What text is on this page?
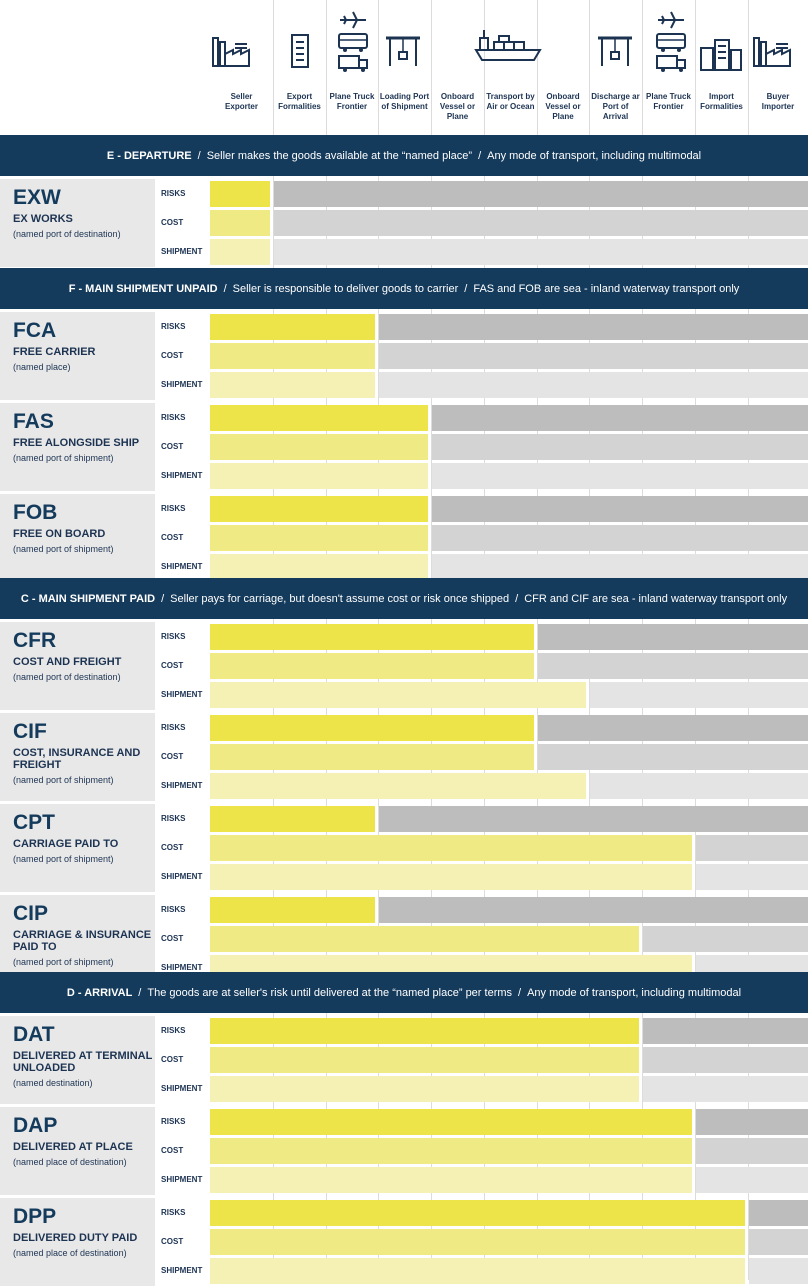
Seller Exporter
Export Formalities
Plane Truck Frontier
Loading Port of Shipment
Onboard Vessel or Plane
Transport by Air or Ocean
Onboard Vessel or Plane
Discharge ar Port of Arrival
Plane Truck Frontier
Import Formalities
Buyer Importer
E - DEPARTURE / Seller makes the goods available at the “named place” / Any mode of transport, including multimodal
EXW
EX WORKS
(named port of destination)
RISKS
COST
SHIPMENT
F - MAIN SHIPMENT UNPAID / Seller is responsible to deliver goods to carrier / FAS and FOB are sea - inland waterway transport only
FCA
FREE CARRIER
(named place)
RISKS
COST
SHIPMENT
FAS
FREE ALONGSIDE SHIP
(named port of shipment)
RISKS
COST
SHIPMENT
FOB
FREE ON BOARD
(named port of shipment)
RISKS
COST
SHIPMENT
C - MAIN SHIPMENT PAID / Seller pays for carriage, but doesn't assume cost or risk once shipped / CFR and CIF are sea - inland waterway transport only
CFR
COST AND FREIGHT
(named port of destination)
RISKS
COST
SHIPMENT
CIF
COST, INSURANCE AND FREIGHT
(named port of shipment)
RISKS
COST
SHIPMENT
CPT
CARRIAGE PAID TO
(named port of shipment)
RISKS
COST
SHIPMENT
CIP
CARRIAGE & INSURANCE PAID TO
(named port of shipment)
RISKS
COST
SHIPMENT
D - ARRIVAL / The goods are at seller's risk until delivered at the “named place” per terms / Any mode of transport, including multimodal
DAT
DELIVERED AT TERMINAL UNLOADED
(named destination)
RISKS
COST
SHIPMENT
DAP
DELIVERED AT PLACE
(named place of destination)
RISKS
COST
SHIPMENT
DPP
DELIVERED DUTY PAID
(named place of destination)
RISKS
COST
SHIPMENT
